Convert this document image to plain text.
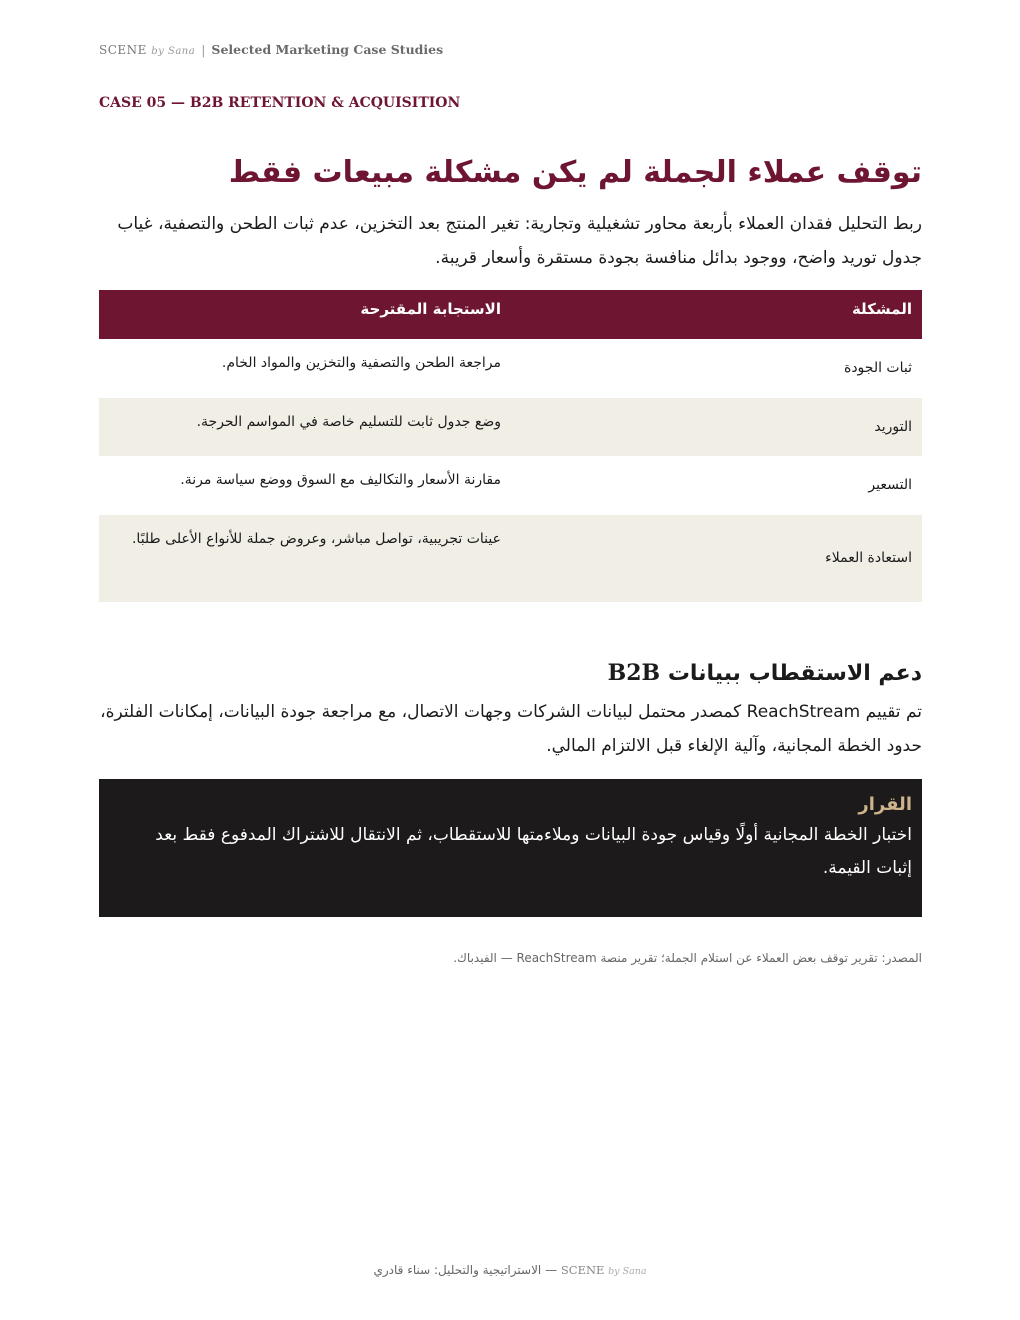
SCENE by Sana | Selected Marketing Case Studies
CASE 05 — B2B RETENTION & ACQUISITION
توقف عملاء الجملة لم يكن مشكلة مبيعات فقط

ربط التحليل فقدان العملاء بأربعة محاور تشغيلية وتجارية: تغير المنتج بعد التخزين، عدم ثبات الطحن والتصفية، غياب جدول توريد واضح، ووجود بدائل منافسة بجودة مستقرة وأسعار قريبة.

المشكلة	الاستجابة المقترحة
ثبات الجودة	مراجعة الطحن والتصفية والتخزين والمواد الخام.
التوريد	وضع جدول ثابت للتسليم خاصة في المواسم الحرجة.
التسعير	مقارنة الأسعار والتكاليف مع السوق ووضع سياسة مرنة.
استعادة العملاء	عينات تجريبية، تواصل مباشر، وعروض جملة للأنواع الأعلى طلبًا.
دعم الاستقطاب ببيانات B2B

تم تقييم ReachStream كمصدر محتمل لبيانات الشركات وجهات الاتصال، مع مراجعة جودة البيانات، إمكانات الفلترة، حدود الخطة المجانية، وآلية الإلغاء قبل الالتزام المالي.

القرار
اختبار الخطة المجانية أولًا وقياس جودة البيانات وملاءمتها للاستقطاب، ثم الانتقال للاشتراك المدفوع فقط بعد إثبات القيمة.
المصدر: تقرير توقف بعض العملاء عن استلام الجملة؛ تقرير منصة ReachStream — الفيدباك.
الاستراتيجية والتحليل: سناء قادري — SCENE by Sana
